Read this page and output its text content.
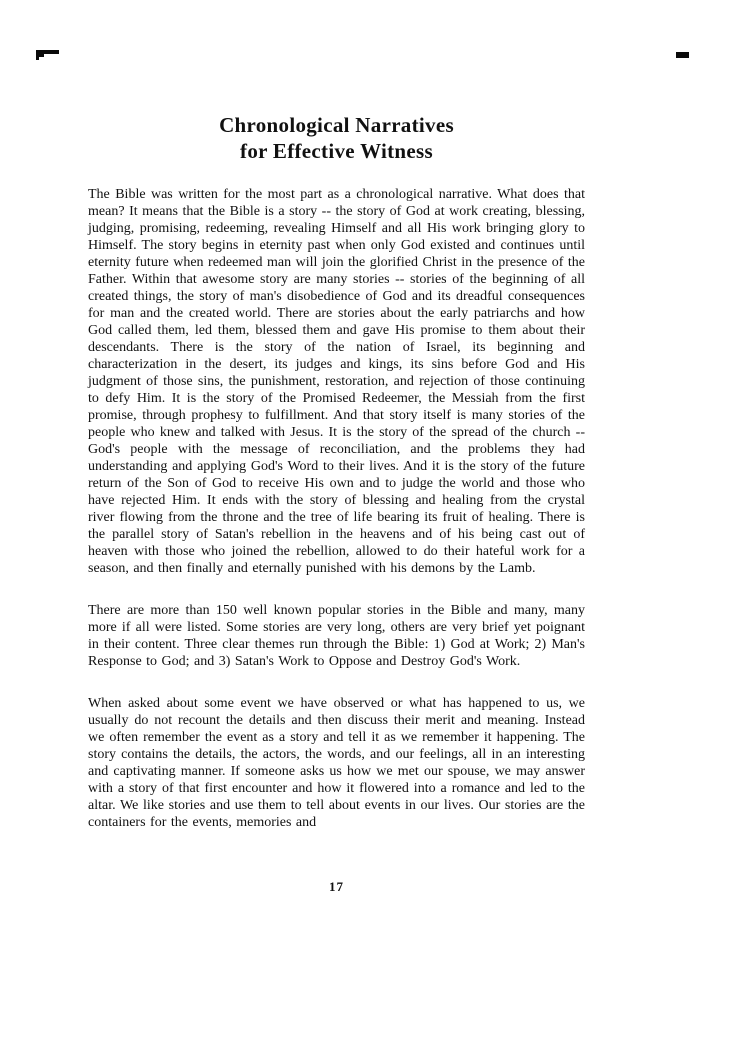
Chronological Narratives
for Effective Witness

The Bible was written for the most part as a chronological narrative. What does that mean? It means that the Bible is a story -- the story of God at work creating, blessing, judging, promising, redeeming, revealing Himself and all His work bringing glory to Himself. The story begins in eternity past when only God existed and continues until eternity future when redeemed man will join the glorified Christ in the presence of the Father. Within that awesome story are many stories -- stories of the beginning of all created things, the story of man's disobedience of God and its dreadful consequences for man and the created world. There are stories about the early patriarchs and how God called them, led them, blessed them and gave His promise to them about their descendants. There is the story of the nation of Israel, its beginning and characterization in the desert, its judges and kings, its sins before God and His judgment of those sins, the punishment, restoration, and rejection of those continuing to defy Him. It is the story of the Promised Redeemer, the Messiah from the first promise, through prophesy to fulfillment. And that story itself is many stories of the people who knew and talked with Jesus. It is the story of the spread of the church -- God's people with the message of reconciliation, and the problems they had understanding and applying God's Word to their lives. And it is the story of the future return of the Son of God to receive His own and to judge the world and those who have rejected Him. It ends with the story of blessing and healing from the crystal river flowing from the throne and the tree of life bearing its fruit of healing. There is the parallel story of Satan's rebellion in the heavens and of his being cast out of heaven with those who joined the rebellion, allowed to do their hateful work for a season, and then finally and eternally punished with his demons by the Lamb.

There are more than 150 well known popular stories in the Bible and many, many more if all were listed. Some stories are very long, others are very brief yet poignant in their content. Three clear themes run through the Bible: 1) God at Work; 2) Man's Response to God; and 3) Satan's Work to Oppose and Destroy God's Work.

When asked about some event we have observed or what has happened to us, we usually do not recount the details and then discuss their merit and meaning. Instead we often remember the event as a story and tell it as we remember it happening. The story contains the details, the actors, the words, and our feelings, all in an interesting and captivating manner. If someone asks us how we met our spouse, we may answer with a story of that first encounter and how it flowered into a romance and led to the altar. We like stories and use them to tell about events in our lives. Our stories are the containers for the events, memories and

17
